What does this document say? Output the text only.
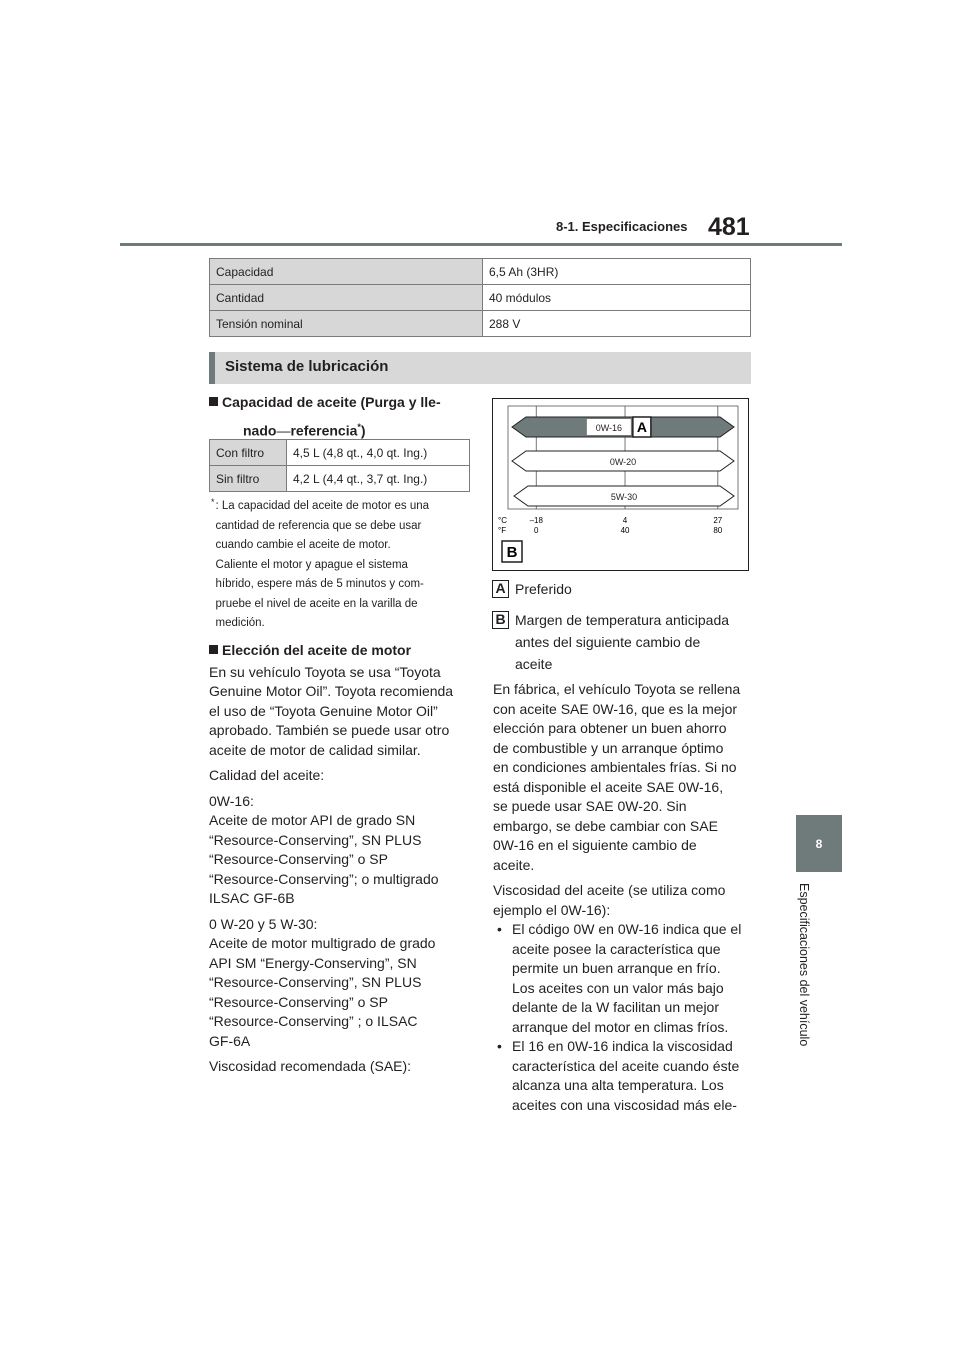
8-1. Especificaciones 481
8
Especificaciones del vehículo
Capacidad	6,5 Ah (3HR)
Cantidad	40 módulos
Tensión nominal	288 V
Sistema de lubricación
Capacidad de aceite (Purga y lle-
nado—referencia*)
Con filtro	4,5 L (4,8 qt., 4,0 qt. Ing.)
Sin filtro	4,2 L (4,4 qt., 3,7 qt. Ing.)
* : La capacidad del aceite de motor es una
cantidad de referencia que se debe usar
cuando cambie el aceite de motor.
Caliente el motor y apague el sistema
híbrido, espere más de 5 minutos y com-
pruebe el nivel de aceite en la varilla de
medición.
Elección del aceite de motor
En su vehículo Toyota se usa “Toyota
Genuine Motor Oil”. Toyota recomienda
el uso de “Toyota Genuine Motor Oil”
aprobado. También se puede usar otro
aceite de motor de calidad similar.
Calidad del aceite:
0W-16:
Aceite de motor API de grado SN
“Resource-Conserving”, SN PLUS
“Resource-Conserving” o SP
“Resource-Conserving”; o multigrado
ILSAC GF-6B
0 W-20 y 5 W-30:
Aceite de motor multigrado de grado
API SM “Energy-Conserving”, SN
“Resource-Conserving”, SN PLUS
“Resource-Conserving” o SP
“Resource-Conserving” ; o ILSAC
GF-6A
Viscosidad recomendada (SAE):
0W-16
0W-20
5W-30
A
°C
°F
–18
0
4
40
27
80
B
A Preferido
B Margen de temperatura anticipada
antes del siguiente cambio de
aceite
En fábrica, el vehículo Toyota se rellena
con aceite SAE 0W-16, que es la mejor
elección para obtener un buen ahorro
de combustible y un arranque óptimo
en condiciones ambientales frías. Si no
está disponible el aceite SAE 0W-16,
se puede usar SAE 0W-20. Sin
embargo, se debe cambiar con SAE
0W-16 en el siguiente cambio de
aceite.
Viscosidad del aceite (se utiliza como
ejemplo el 0W-16):
• El código 0W en 0W-16 indica que el
aceite posee la característica que
permite un buen arranque en frío.
Los aceites con un valor más bajo
delante de la W facilitan un mejor
arranque del motor en climas fríos.
• El 16 en 0W-16 indica la viscosidad
característica del aceite cuando éste
alcanza una alta temperatura. Los
aceites con una viscosidad más ele-
